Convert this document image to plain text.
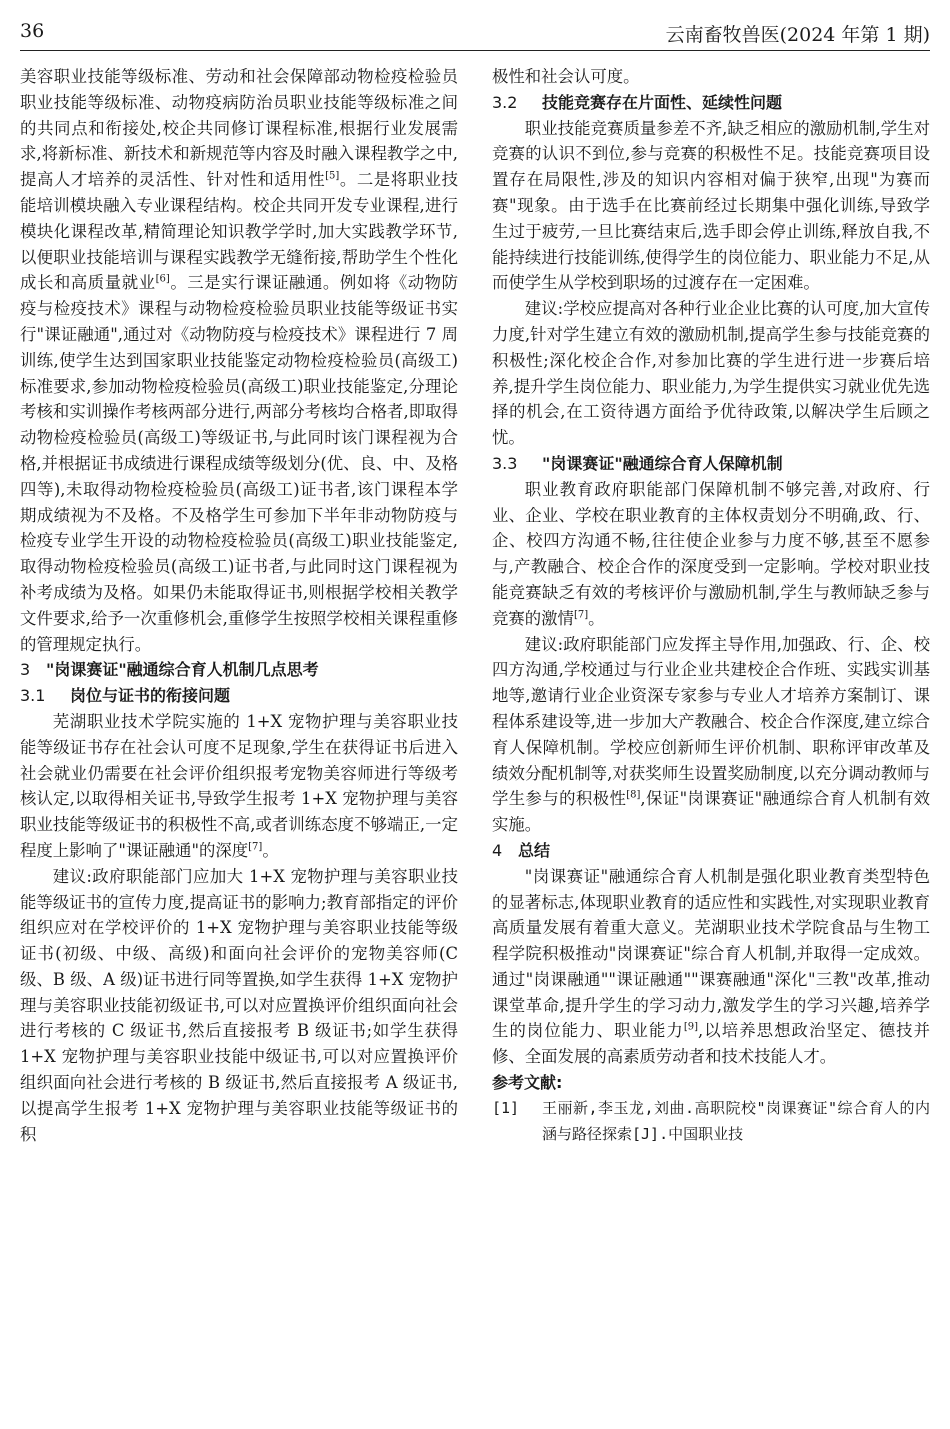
36	云南畜牧兽医(2024 年第 1 期)

美容职业技能等级标准、劳动和社会保障部动物检疫检验员职业技能等级标准、动物疫病防治员职业技能等级标准之间的共同点和衔接处,校企共同修订课程标准,根据行业发展需求,将新标准、新技术和新规范等内容及时融入课程教学之中,提高人才培养的灵活性、针对性和适用性[5]。二是将职业技能培训模块融入专业课程结构。校企共同开发专业课程,进行模块化课程改革,精简理论知识教学学时,加大实践教学环节,以便职业技能培训与课程实践教学无缝衔接,帮助学生个性化成长和高质量就业[6]。三是实行课证融通。例如将《动物防疫与检疫技术》课程与动物检疫检验员职业技能等级证书实行"课证融通",通过对《动物防疫与检疫技术》课程进行 7 周训练,使学生达到国家职业技能鉴定动物检疫检验员(高级工)标准要求,参加动物检疫检验员(高级工)职业技能鉴定,分理论考核和实训操作考核两部分进行,两部分考核均合格者,即取得动物检疫检验员(高级工)等级证书,与此同时该门课程视为合格,并根据证书成绩进行课程成绩等级划分(优、良、中、及格四等),未取得动物检疫检验员(高级工)证书者,该门课程本学期成绩视为不及格。不及格学生可参加下半年非动物防疫与检疫专业学生开设的动物检疫检验员(高级工)职业技能鉴定,取得动物检疫检验员(高级工)证书者,与此同时这门课程视为补考成绩为及格。如果仍未能取得证书,则根据学校相关教学文件要求,给予一次重修机会,重修学生按照学校相关课程重修的管理规定执行。

3 "岗课赛证"融通综合育人机制几点思考
3.1 岗位与证书的衔接问题

芜湖职业技术学院实施的 1+X 宠物护理与美容职业技能等级证书存在社会认可度不足现象,学生在获得证书后进入社会就业仍需要在社会评价组织报考宠物美容师进行等级考核认定,以取得相关证书,导致学生报考 1+X 宠物护理与美容职业技能等级证书的积极性不高,或者训练态度不够端正,一定程度上影响了"课证融通"的深度[7]。

建议:政府职能部门应加大 1+X 宠物护理与美容职业技能等级证书的宣传力度,提高证书的影响力;教育部指定的评价组织应对在学校评价的 1+X 宠物护理与美容职业技能等级证书(初级、中级、高级)和面向社会评价的宠物美容师(C 级、B 级、A 级)证书进行同等置换,如学生获得 1+X 宠物护理与美容职业技能初级证书,可以对应置换评价组织面向社会进行考核的 C 级证书,然后直接报考 B 级证书;如学生获得 1+X 宠物护理与美容职业技能中级证书,可以对应置换评价组织面向社会进行考核的 B 级证书,然后直接报考 A 级证书,以提高学生报考 1+X 宠物护理与美容职业技能等级证书的积

极性和社会认可度。

3.2 技能竞赛存在片面性、延续性问题

职业技能竞赛质量参差不齐,缺乏相应的激励机制,学生对竞赛的认识不到位,参与竞赛的积极性不足。技能竞赛项目设置存在局限性,涉及的知识内容相对偏于狭窄,出现"为赛而赛"现象。由于选手在比赛前经过长期集中强化训练,导致学生过于疲劳,一旦比赛结束后,选手即会停止训练,释放自我,不能持续进行技能训练,使得学生的岗位能力、职业能力不足,从而使学生从学校到职场的过渡存在一定困难。

建议:学校应提高对各种行业企业比赛的认可度,加大宣传力度,针对学生建立有效的激励机制,提高学生参与技能竞赛的积极性;深化校企合作,对参加比赛的学生进行进一步赛后培养,提升学生岗位能力、职业能力,为学生提供实习就业优先选择的机会,在工资待遇方面给予优待政策,以解决学生后顾之忧。

3.3 "岗课赛证"融通综合育人保障机制

职业教育政府职能部门保障机制不够完善,对政府、行业、企业、学校在职业教育的主体权责划分不明确,政、行、企、校四方沟通不畅,往往使企业参与力度不够,甚至不愿参与,产教融合、校企合作的深度受到一定影响。学校对职业技能竞赛缺乏有效的考核评价与激励机制,学生与教师缺乏参与竞赛的激情[7]。

建议:政府职能部门应发挥主导作用,加强政、行、企、校四方沟通,学校通过与行业企业共建校企合作班、实践实训基地等,邀请行业企业资深专家参与专业人才培养方案制订、课程体系建设等,进一步加大产教融合、校企合作深度,建立综合育人保障机制。学校应创新师生评价机制、职称评审改革及绩效分配机制等,对获奖师生设置奖励制度,以充分调动教师与学生参与的积极性[8],保证"岗课赛证"融通综合育人机制有效实施。

4 总结

"岗课赛证"融通综合育人机制是强化职业教育类型特色的显著标志,体现职业教育的适应性和实践性,对实现职业教育高质量发展有着重大意义。芜湖职业技术学院食品与生物工程学院积极推动"岗课赛证"综合育人机制,并取得一定成效。通过"岗课融通""课证融通""课赛融通"深化"三教"改革,推动课堂革命,提升学生的学习动力,激发学生的学习兴趣,培养学生的岗位能力、职业能力[9],以培养思想政治坚定、德技并修、全面发展的高素质劳动者和技术技能人才。

参考文献:
[1]	王丽新,李玉龙,刘曲.高职院校"岗课赛证"综合育人的内涵与路径探索[J].中国职业技
